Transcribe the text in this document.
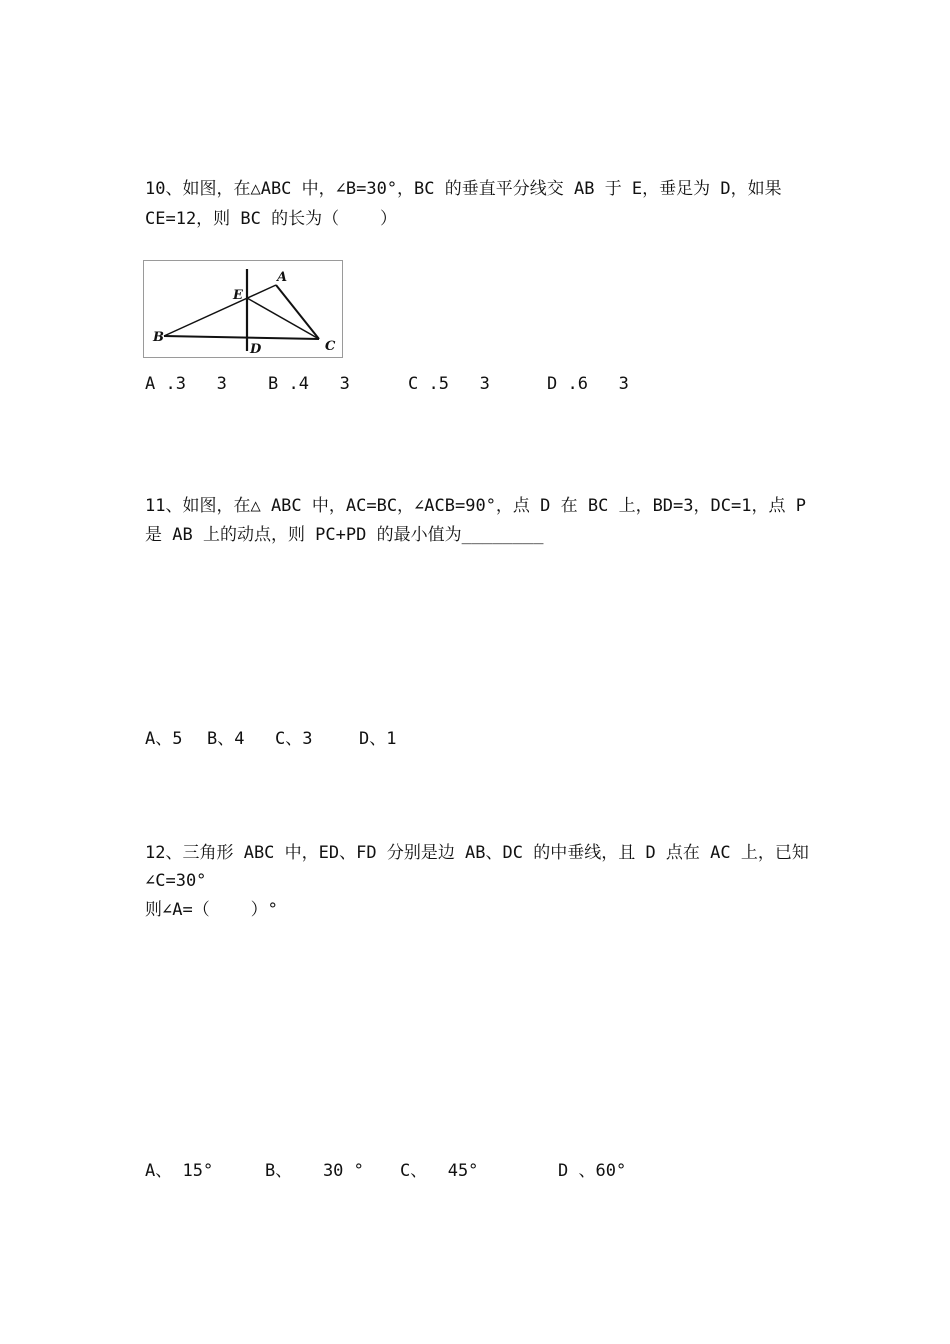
10、如图，在△ABC 中，∠B=30°，BC 的垂直平分线交 AB 于 E，垂足为 D，如果
CE=12，则 BC 的长为（    ）
A
E
B
D	C
A .3   3 B .4   3	C .5   3	D .6   3
11、如图，在△ ABC 中，AC=BC，∠ACB=90°，点 D 在 BC 上，BD=3，DC=1，点 P
是 AB 上的动点，则 PC+PD 的最小值为________
A、5 B、4 C、3	D、1
12、三角形 ABC 中，ED、FD 分别是边 AB、DC 的中垂线，且 D 点在 AC 上，已知
∠C=30°
则∠A=（    ）°
A、 15°	B、   30 ° C、  45°	D 、60°
